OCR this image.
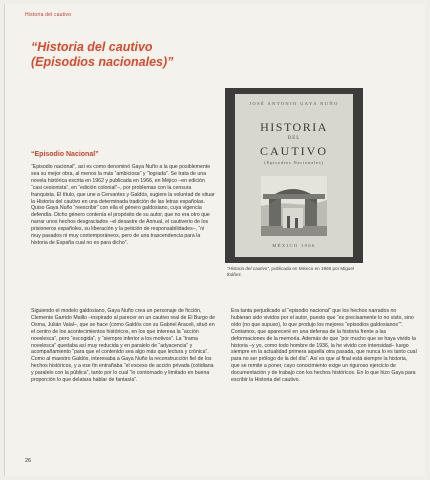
Historia del cautivo
“Historia del cautivo
(Episodios nacionales)”
JOSÉ ANTONIO GAYA NUÑO
HISTORIA
DEL
CAUTIVO
(Episodios Nacionales)
MÉXICO 1966
“Historia del cautivo”, publicada en México en 1966 por Miguel Ibáñez.
“Episodio Nacional”

“Episodio nacional”, así es como denominó Gaya Nuño a la que posiblemente sea su mejor obra, al menos la más “ambiciosa” y “lograda”. Se trata de una novela histórica escrita en 1962 y publicada en 1966, en Méjico –en edición “casi cesionista”, en “edición colonial”–, por problemas con la censura franquista. El título, que une a Cervantes y Galdós, sugiere la voluntad de situar la Historia del cautivo en una determinada tradición de las letras españolas. Quiso Gaya Nuño “reescribir” con ella el género galdosiano, cuya vigencia defendía. Dicho género contenía el propósito de su autor, que no era otro que narrar unos hechos desgraciados –el desastre de Annual, el cautiverio de los prisioneros españoles, su liberación y la petición de responsabilidades–, “ni muy pasados ni muy contemporáneos, pero de una trascendencia para la historia de España cual no es para dicho”.

Siguiendo el modelo galdosiano, Gaya Nuño crea un personaje de ficción, Clemente Garrido Maillo –inspirado al parecer en un cautivo real de El Burgo de Osma, Julián Valal–, que se hace (como Galdós con su Gabriel Araceli, situó en el centro de los acontecimientos históricos, en los que interesa la “acción novelesca”, pero “escogida”, y “siempre inferior a los motivos”. La “trama novelesca” quedaba así muy reducida y en paralelo de “adyacencia” y acompañamiento “para que el contenido sea algo más que lectura y crónica”. Como al maestro Galdós, interesaba a Gaya Nuño la reconstrucción fiel de los hechos históricos, y a ese fin entrañaba “el exceso de acción privada (cotidiana y paralelo con la pública”, tanto por lo cual “lo contornado y limitado en buena proporción lo que delatara hablar de fantasía”.

Era tanta perjudicado al “episodio nacional” que los hechos narrados no hubieran sido vividos por el autor, puesto que “es precisamente lo no visto, sino oído (no que supuso), lo que produjo los mejores “episodios galdosianos””. Contamos, que apareceré en una defensa de la historia frente a las deformaciones de la memoria. Además de que “por mucho que se haya vivido la historia –y yo, como todo hombre de 1936, la he vivido con intensidad– luego siempre en la actualidad primera aquella otra pasada, que nunca lo es tanto cual para no ser prólogo de la del día”. Así es que al final está siempre la historia, que se remite a poner, cayo conocimiento exige un riguroso ejercicio de documentación y de trabajo con los hechos históricos. En lo que hizo Gaya para escribir la Historia del cautivo.

26
